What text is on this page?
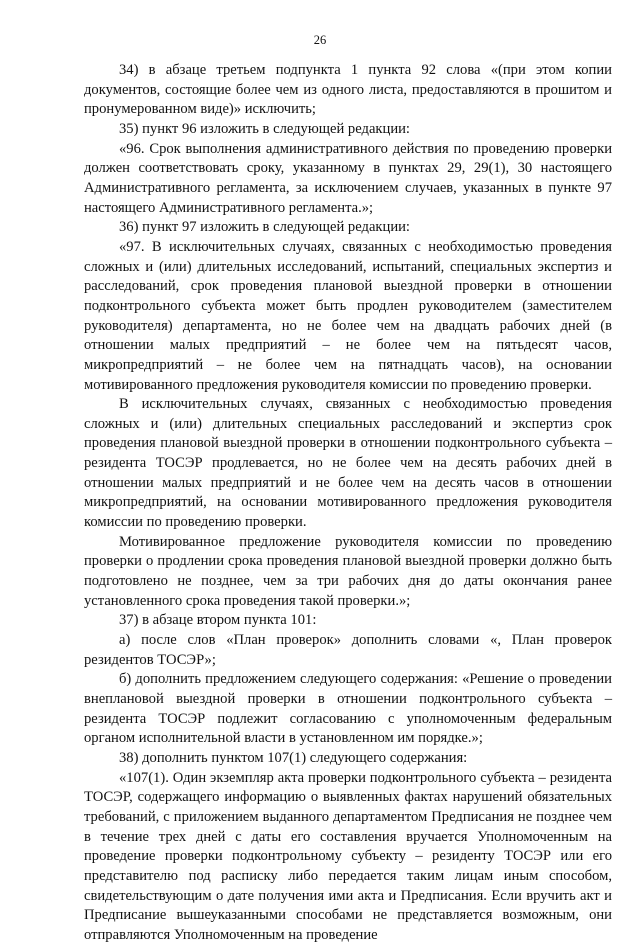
26

34) в абзаце третьем подпункта 1 пункта 92 слова «(при этом копии документов, состоящие более чем из одного листа, предоставляются в прошитом и пронумерованном виде)» исключить;

35) пункт 96 изложить в следующей редакции:

«96. Срок выполнения административного действия по проведению проверки должен соответствовать сроку, указанному в пунктах 29, 29(1), 30 настоящего Административного регламента, за исключением случаев, указанных в пункте 97 настоящего Административного регламента.»;

36) пункт 97 изложить в следующей редакции:

«97. В исключительных случаях, связанных с необходимостью проведения сложных и (или) длительных исследований, испытаний, специальных экспертиз и расследований, срок проведения плановой выездной проверки в отношении подконтрольного субъекта может быть продлен руководителем (заместителем руководителя) департамента, но не более чем на двадцать рабочих дней (в отношении малых предприятий – не более чем на пятьдесят часов, микропредприятий – не более чем на пятнадцать часов), на основании мотивированного предложения руководителя комиссии по проведению проверки.

В исключительных случаях, связанных с необходимостью проведения сложных и (или) длительных специальных расследований и экспертиз срок проведения плановой выездной проверки в отношении подконтрольного субъекта – резидента ТОСЭР продлевается, но не более чем на десять рабочих дней в отношении малых предприятий и не более чем на десять часов в отношении микропредприятий, на основании мотивированного предложения руководителя комиссии по проведению проверки.

Мотивированное предложение руководителя комиссии по проведению проверки о продлении срока проведения плановой выездной проверки должно быть подготовлено не позднее, чем за три рабочих дня до даты окончания ранее установленного срока проведения такой проверки.»;

37) в абзаце втором пункта 101:

а) после слов «План проверок» дополнить словами «, План проверок резидентов ТОСЭР»;

б) дополнить предложением следующего содержания: «Решение о проведении внеплановой выездной проверки в отношении подконтрольного субъекта – резидента ТОСЭР подлежит согласованию с уполномоченным федеральным органом исполнительной власти в установленном им порядке.»;

38) дополнить пунктом 107(1) следующего содержания:

«107(1). Один экземпляр акта проверки подконтрольного субъекта – резидента ТОСЭР, содержащего информацию о выявленных фактах нарушений обязательных требований, с приложением выданного департаментом Предписания не позднее чем в течение трех дней с даты его составления вручается Уполномоченным на проведение проверки подконтрольному субъекту – резиденту ТОСЭР или его представителю под расписку либо передается таким лицам иным способом, свидетельствующим о дате получения ими акта и Предписания. Если вручить акт и Предписание вышеуказанными способами не представляется возможным, они отправляются Уполномоченным на проведение
